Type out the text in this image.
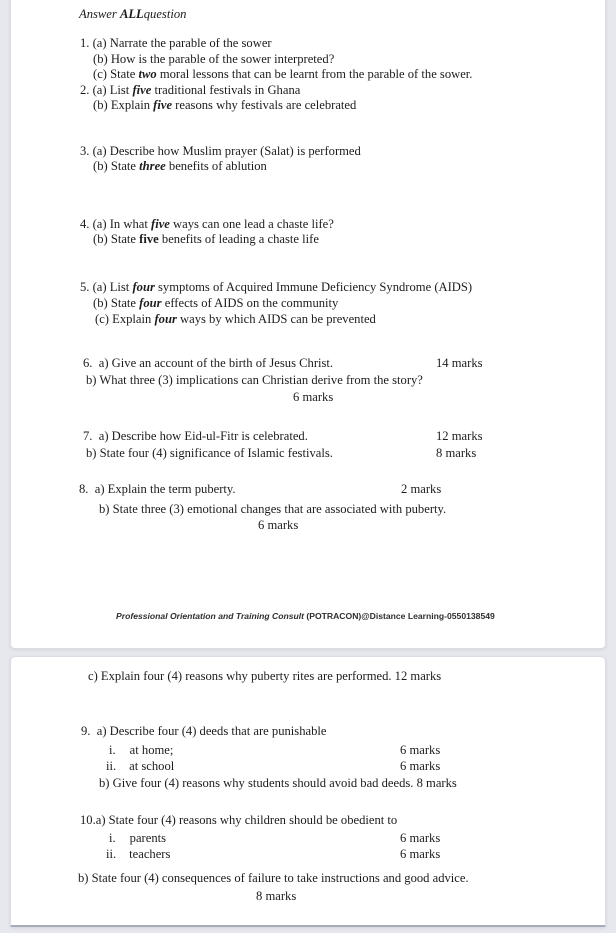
Answer ALLquestion
1. (a) Narrate the parable of the sower
(b) How is the parable of the sower interpreted?
(c) State two moral lessons that can be learnt from the parable of the sower.
2. (a) List five traditional festivals in Ghana
(b) Explain five reasons why festivals are celebrated
3. (a) Describe how Muslim prayer (Salat) is performed
(b) State three benefits of ablution
4. (a) In what five ways can one lead a chaste life?
(b) State five benefits of leading a chaste life
5. (a) List four symptoms of Acquired Immune Deficiency Syndrome (AIDS)
(b) State four effects of AIDS on the community
(c) Explain four ways by which AIDS can be prevented
6.  a) Give an account of the birth of Jesus Christ.	14 marks
b) What three (3) implications can Christian derive from the story?
6 marks
7.  a) Describe how Eid-ul-Fitr is celebrated.	12 marks
b) State four (4) significance of Islamic festivals.	8 marks
8.  a) Explain the term puberty.	2 marks
b) State three (3) emotional changes that are associated with puberty.
6 marks
Professional Orientation and Training Consult (POTRACON)@Distance Learning-0550138549
c) Explain four (4) reasons why puberty rites are performed. 12 marks
9.  a) Describe four (4) deeds that are punishable
i. at home;	6 marks
ii. at school	6 marks
b) Give four (4) reasons why students should avoid bad deeds. 8 marks
10.a) State four (4) reasons why children should be obedient to
i. parents	6 marks
ii. teachers	6 marks
b) State four (4) consequences of failure to take instructions and good advice.
8 marks
